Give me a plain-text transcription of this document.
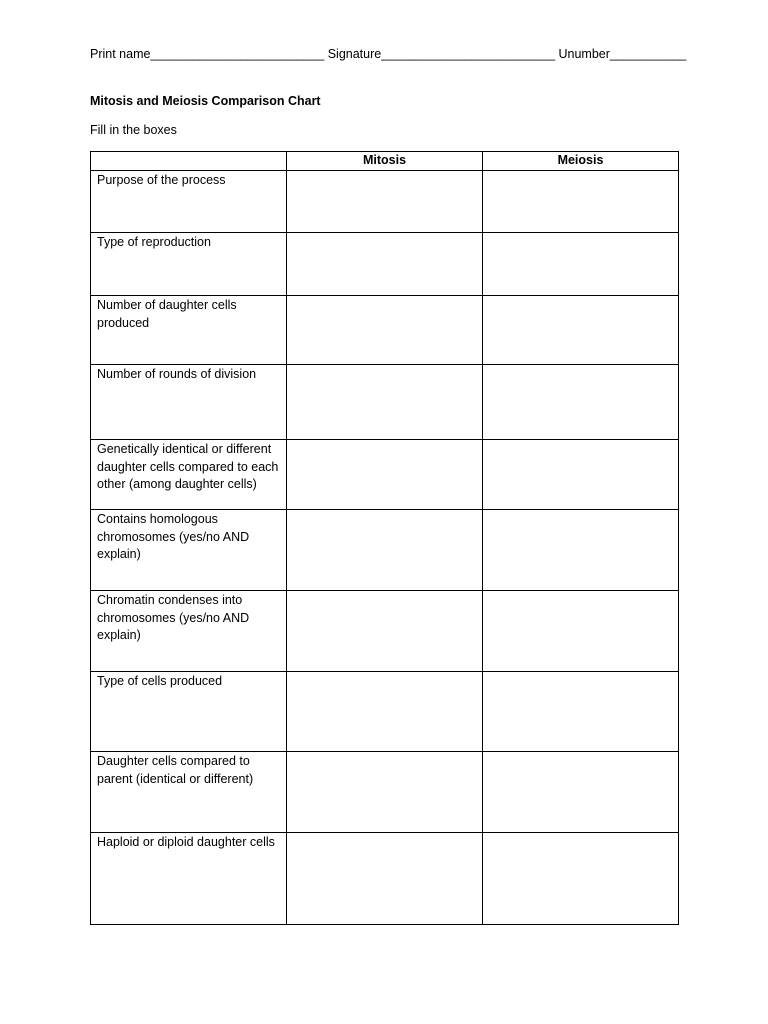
Print name_________________________ Signature_________________________ Unumber___________
Mitosis and Meiosis Comparison Chart
Fill in the boxes
	Mitosis	Meiosis
Purpose of the process		
Type of reproduction		
Number of daughter cells produced		
Number of rounds of division		
Genetically identical or different daughter cells compared to each other (among daughter cells)		
Contains homologous chromosomes (yes/no AND explain)		
Chromatin condenses into chromosomes (yes/no AND explain)		
Type of cells produced		
Daughter cells compared to parent (identical or different)		
Haploid or diploid daughter cells		
